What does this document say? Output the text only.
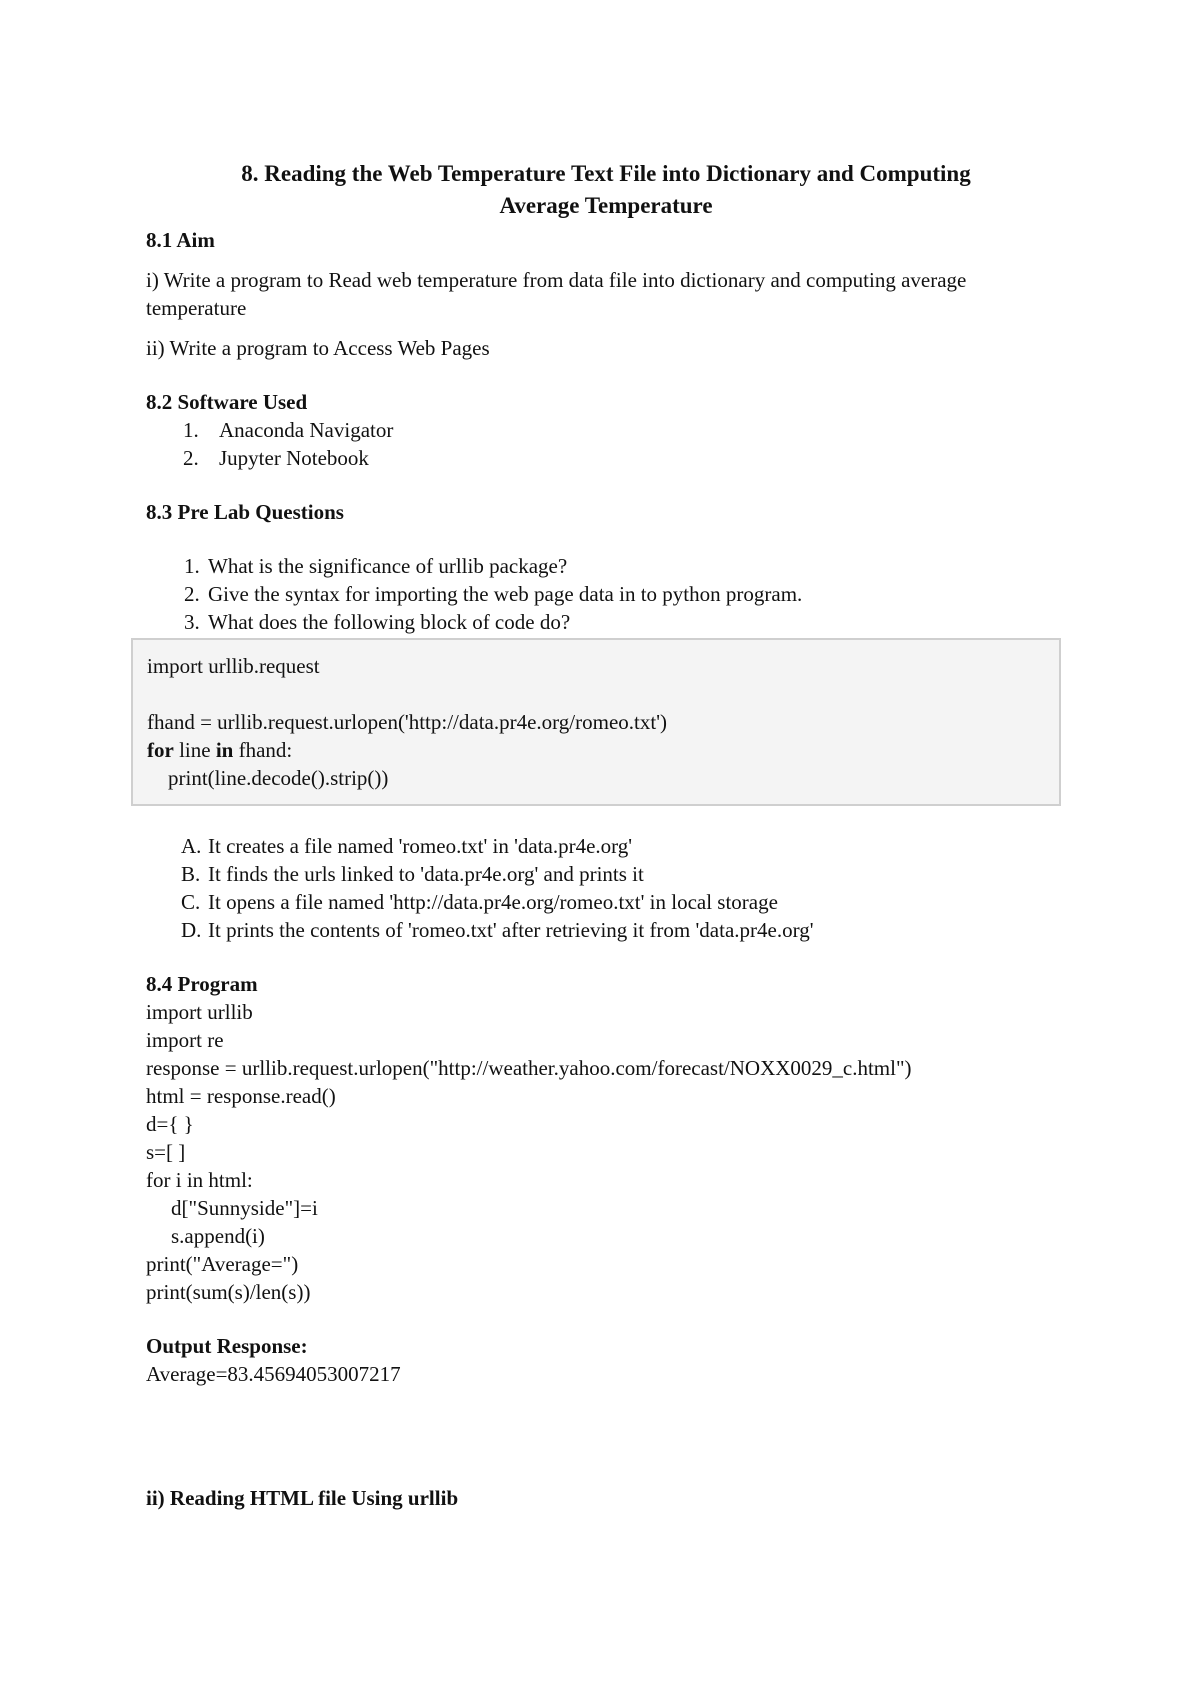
8. Reading the Web Temperature Text File into Dictionary and Computing
Average Temperature

8.1 Aim

i) Write a program to Read web temperature from data file into dictionary and computing average temperature

ii) Write a program to Access Web Pages

8.2 Software Used

1. Anaconda Navigator
2. Jupyter Notebook

8.3 Pre Lab Questions

1. What is the significance of urllib package?
2. Give the syntax for importing the web page data in to python program.
3. What does the following block of code do?
import urllib.request
fhand = urllib.request.urlopen('http://data.pr4e.org/romeo.txt')
for line in fhand:
print(line.decode().strip())
A. It creates a file named 'romeo.txt' in 'data.pr4e.org'
B. It finds the urls linked to 'data.pr4e.org' and prints it
C. It opens a file named 'http://data.pr4e.org/romeo.txt' in local storage
D. It prints the contents of 'romeo.txt' after retrieving it from 'data.pr4e.org'

8.4 Program

import urllib
import re
response = urllib.request.urlopen("http://weather.yahoo.com/forecast/NOXX0029_c.html")
html = response.read()
d={ }
s=[ ]
for i in html:
d["Sunnyside"]=i
s.append(i)
print("Average=")
print(sum(s)/len(s))

Output Response:

Average=83.45694053007217

ii) Reading HTML file Using urllib
